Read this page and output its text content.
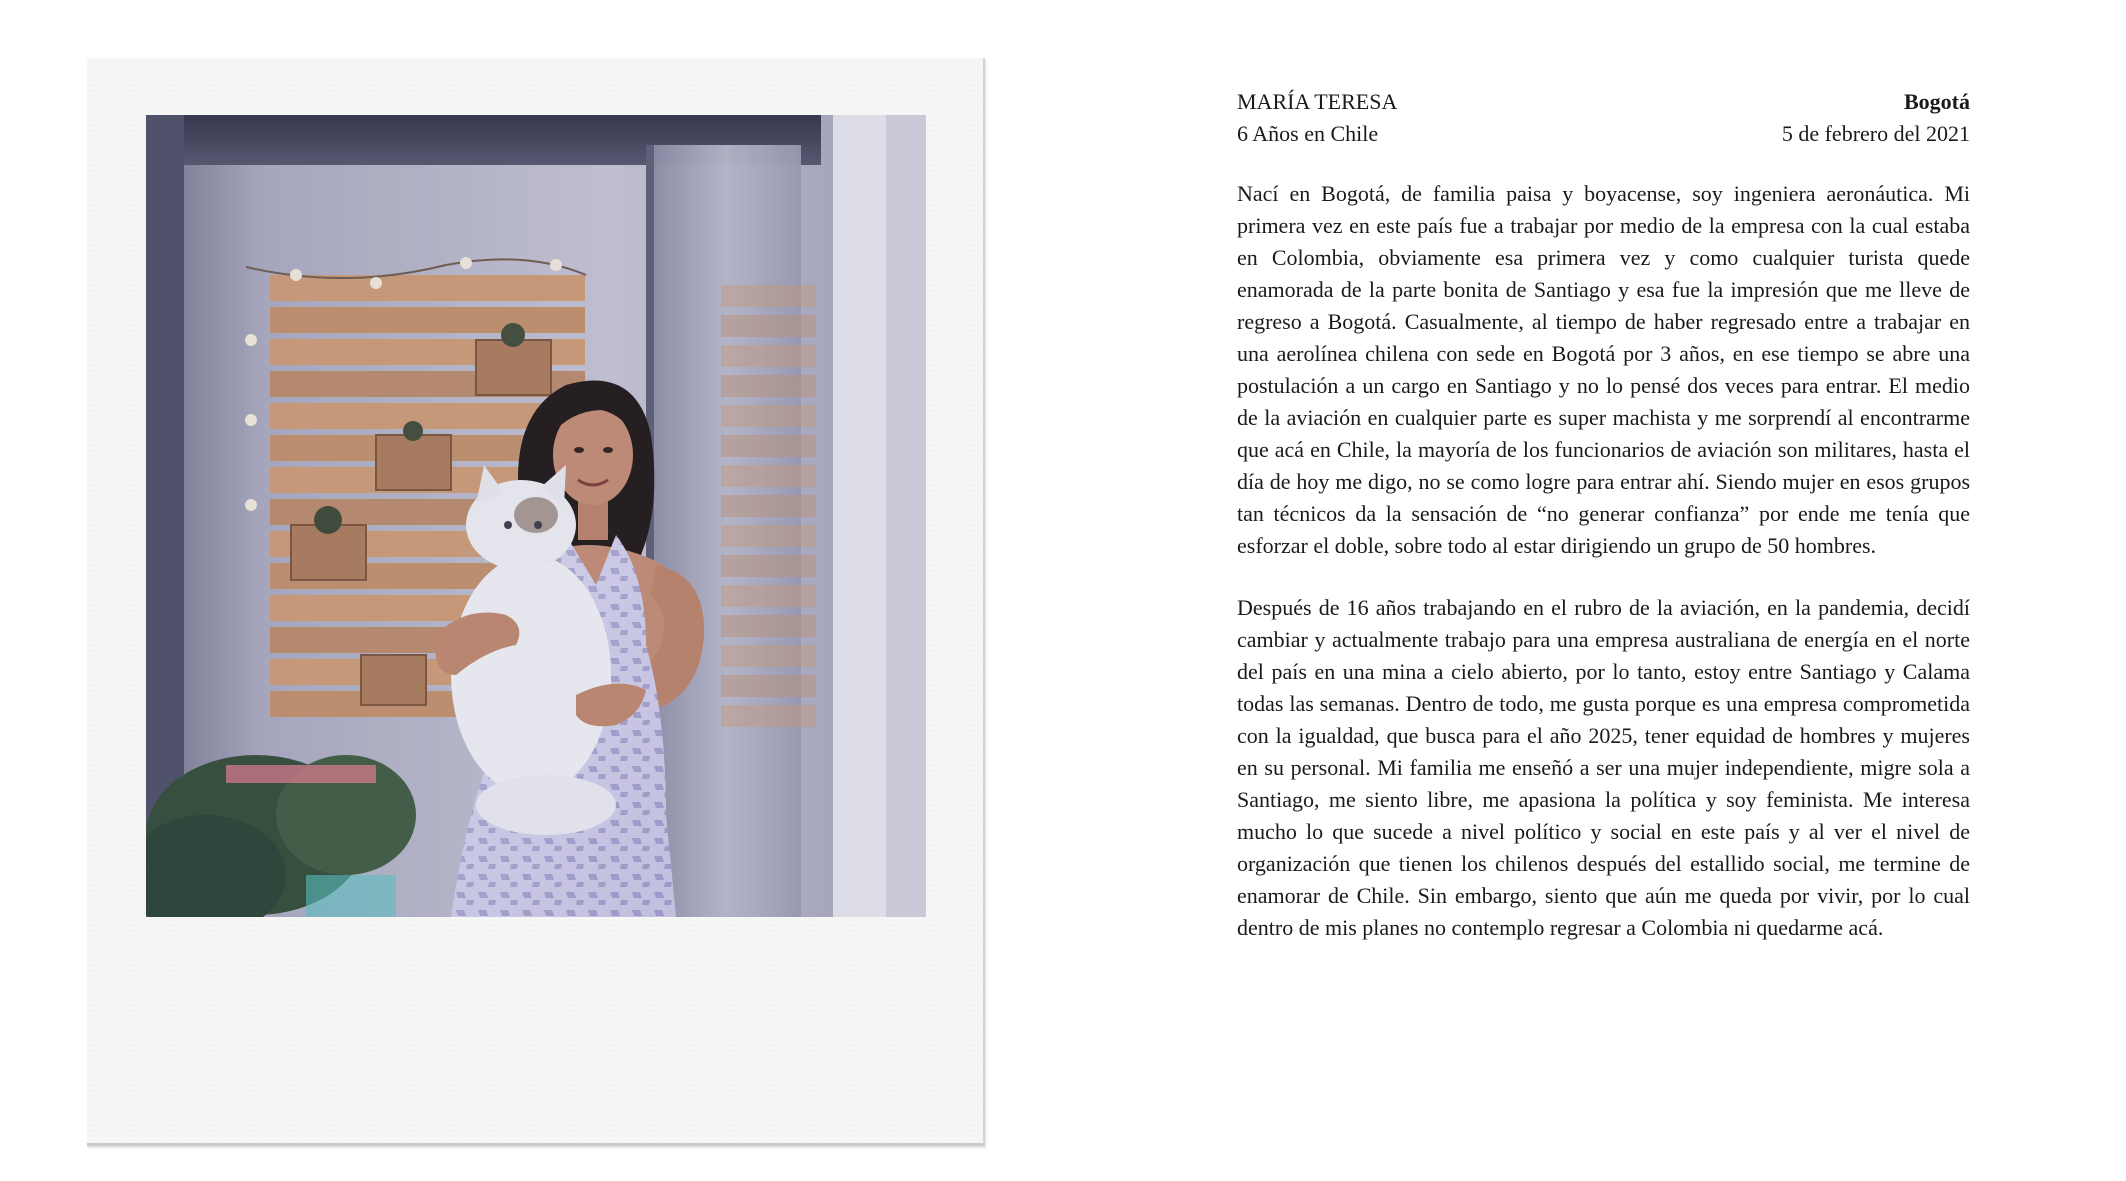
MARÍA TERESA
6 Años en Chile
Bogotá
5 de febrero del 2021

Nací en Bogotá, de familia paisa y boyacense, soy ingeniera aeronáutica. Mi primera vez en este país fue a trabajar por medio de la empresa con la cual estaba en Colombia, obviamente esa primera vez y como cualquier turista quede enamorada de la parte bonita de Santiago y esa fue la impresión que me lleve de regreso a Bogotá. Casualmente, al tiempo de haber regresado entre a trabajar en una aerolínea chilena con sede en Bogotá por 3 años, en ese tiempo se abre una postulación a un cargo en Santiago y no lo pensé dos veces para entrar. El medio de la aviación en cualquier parte es super machista y me sorprendí al encontrarme que acá en Chile, la mayoría de los funcionarios de aviación son militares, hasta el día de hoy me digo, no se como logre para entrar ahí. Siendo mujer en esos grupos tan técnicos da la sensación de “no generar confianza” por ende me tenía que esforzar el doble, sobre todo al estar dirigiendo un grupo de 50 hombres.

Después de 16 años trabajando en el rubro de la aviación, en la pandemia, decidí cambiar y actualmente trabajo para una empresa australiana de energía en el norte del país en una mina a cielo abierto, por lo tanto, estoy entre Santiago y Calama todas las semanas. Dentro de todo, me gusta porque es una empresa comprometida con la igualdad, que busca para el año 2025, tener equidad de hombres y mujeres en su personal. Mi familia me enseñó a ser una mujer independiente, migre sola a Santiago, me siento libre, me apasiona la política y soy feminista. Me interesa mucho lo que sucede a nivel político y social en este país y al ver el nivel de organización que tienen los chilenos después del estallido social, me termine de enamorar de Chile. Sin embargo, siento que aún me queda por vivir, por lo cual dentro de mis planes no contemplo regresar a Colombia ni quedarme acá.
